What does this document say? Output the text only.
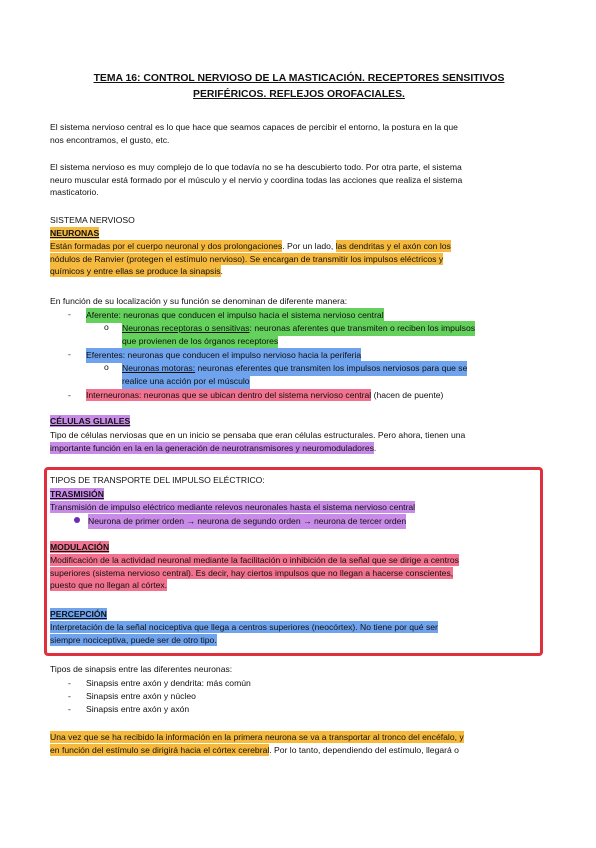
TEMA 16: CONTROL NERVIOSO DE LA MASTICACIÓN. RECEPTORES SENSITIVOS
PERIFÉRICOS. REFLEJOS OROFACIALES.

El sistema nervioso central es lo que hace que seamos capaces de percibir el entorno, la postura en la que
nos encontramos, el gusto, etc.

El sistema nervioso es muy complejo de lo que todavía no se ha descubierto todo. Por otra parte, el sistema
neuro muscular está formado por el músculo y el nervio y coordina todas las acciones que realiza el sistema
masticatorio.

SISTEMA NERVIOSO

NEURONAS

Están formadas por el cuerpo neuronal y dos prolongaciones. Por un lado, las dendritas y el axón con los
nódulos de Ranvier (protegen el estímulo nervioso). Se encargan de transmitir los impulsos eléctricos y
químicos y entre ellas se produce la sinapsis.

En función de su localización y su función se denominan de diferente manera:

- Aferente: neuronas que conducen el impulso hacia el sistema nervioso central
o Neuronas receptoras o sensitivas: neuronas aferentes que transmiten o reciben los impulsos
que provienen de los órganos receptores
- Eferentes: neuronas que conducen el impulso nervioso hacia la periferia
o Neuronas motoras: neuronas eferentes que transmiten los impulsos nerviosos para que se
realice una acción por el músculo
- Interneuronas: neuronas que se ubican dentro del sistema nervioso central (hacen de puente)

CÉLULAS GLIALES

Tipo de células nerviosas que en un inicio se pensaba que eran células estructurales. Pero ahora, tienen una
importante función en la en la generación de neurotransmisores y neuromoduladores.

TIPOS DE TRANSPORTE DEL IMPULSO ELÉCTRICO:

TRASMISIÓN

Transmisión de impulso eléctrico mediante relevos neuronales hasta el sistema nervioso central

Neurona de primer orden → neurona de segundo orden → neurona de tercer orden

MODULACIÓN

Modificación de la actividad neuronal mediante la facilitación o inhibición de la señal que se dirige a centros
superiores (sistema nervioso central). Es decir, hay ciertos impulsos que no llegan a hacerse conscientes,
puesto que no llegan al córtex.

PERCEPCIÓN

Interpretación de la señal nociceptiva que llega a centros superiores (neocórtex). No tiene por qué ser
siempre nociceptiva, puede ser de otro tipo.

Tipos de sinapsis entre las diferentes neuronas:

- Sinapsis entre axón y dendrita: más común
- Sinapsis entre axón y núcleo
- Sinapsis entre axón y axón

Una vez que se ha recibido la información en la primera neurona se va a transportar al tronco del encéfalo, y
en función del estímulo se dirigirá hacia el córtex cerebral. Por lo tanto, dependiendo del estímulo, llegará o
